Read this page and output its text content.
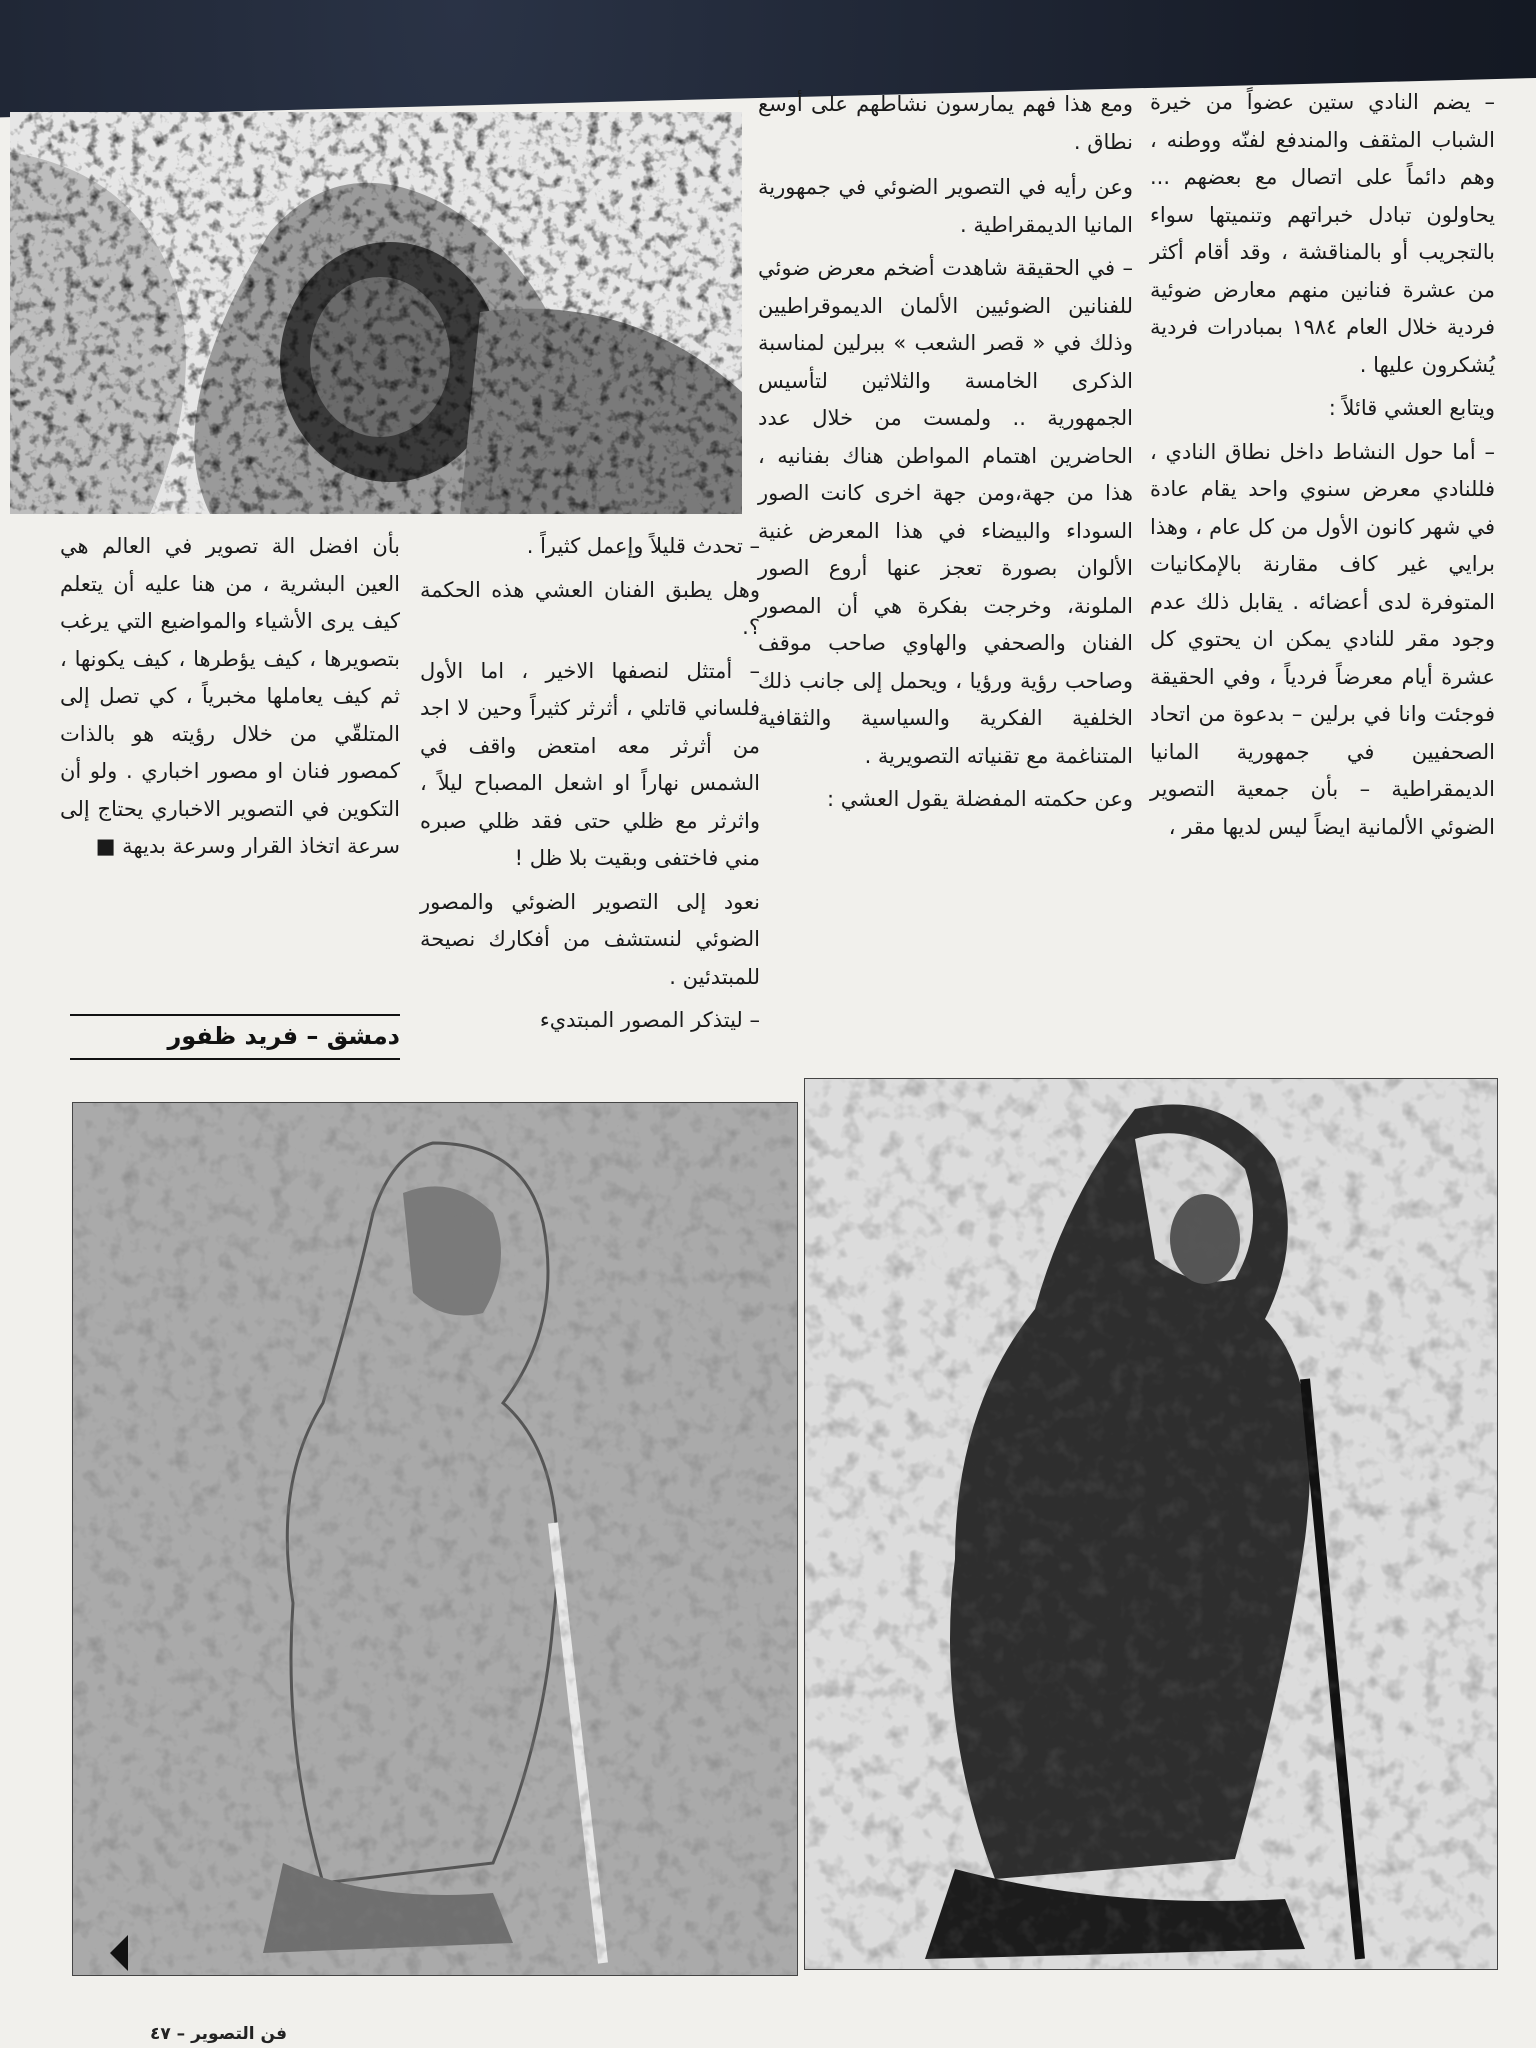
– يضم النادي ستين عضواً من خيرة الشباب المثقف والمندفع لفنّه ووطنه ، وهم دائماً على اتصال مع بعضهم ... يحاولون تبادل خبراتهم وتنميتها سواء بالتجريب أو بالمناقشة ، وقد أقام أكثر من عشرة فنانين منهم معارض ضوئية فردية خلال العام ١٩٨٤ بمبادرات فردية يُشكرون عليها .

ويتابع العشي قائلاً :

– أما حول النشاط داخل نطاق النادي ، فللنادي معرض سنوي واحد يقام عادة في شهر كانون الأول من كل عام ، وهذا برايي غير كاف مقارنة بالإمكانيات المتوفرة لدى أعضائه . يقابل ذلك عدم وجود مقر للنادي يمكن ان يحتوي كل عشرة أيام معرضاً فردياً ، وفي الحقيقة فوجئت وانا في برلين – بدعوة من اتحاد الصحفيين في جمهورية المانيا الديمقراطية – بأن جمعية التصوير الضوئي الألمانية ايضاً ليس لديها مقر ،

ومع هذا فهم يمارسون نشاطهم على أوسع نطاق .

وعن رأيه في التصوير الضوئي في جمهورية المانيا الديمقراطية .

– في الحقيقة شاهدت أضخم معرض ضوئي للفنانين الضوئيين الألمان الديموقراطيين وذلك في « قصر الشعب » ببرلين لمناسبة الذكرى الخامسة والثلاثين لتأسيس الجمهورية .. ولمست من خلال عدد الحاضرين اهتمام المواطن هناك بفنانيه ، هذا من جهة،ومن جهة اخرى كانت الصور السوداء والبيضاء في هذا المعرض غنية الألوان بصورة تعجز عنها أروع الصور الملونة، وخرجت بفكرة هي أن المصور الفنان والصحفي والهاوي صاحب موقف وصاحب رؤية ورؤيا ، ويحمل إلى جانب ذلك الخلفية الفكرية والسياسية والثقافية المتناغمة مع تقنياته التصويرية .

وعن حكمته المفضلة يقول العشي :

– تحدث قليلاً وإعمل كثيراً .

وهل يطبق الفنان العشي هذه الحكمة ؟.

– أمتثل لنصفها الاخير ، اما الأول فلساني قاتلي ، أثرثر كثيراً وحين لا اجد من أثرثر معه امتعض واقف في الشمس نهاراً او اشعل المصباح ليلاً ، واثرثر مع ظلي حتى فقد ظلي صبره مني فاختفى وبقيت بلا ظل !

نعود إلى التصوير الضوئي والمصور الضوئي لنستشف من أفكارك نصيحة للمبتدئين .

– ليتذكر المصور المبتديء

بأن افضل الة تصوير في العالم هي العين البشرية ، من هنا عليه أن يتعلم كيف يرى الأشياء والمواضيع التي يرغب بتصويرها ، كيف يؤطرها ، كيف يكونها ، ثم كيف يعاملها مخبرياً ، كي تصل إلى المتلقّي من خلال رؤيته هو بالذات كمصور فنان او مصور اخباري . ولو أن التكوين في التصوير الاخباري يحتاج إلى سرعة اتخاذ القرار وسرعة بديهة ■

دمشق – فريد ظفور
فن التصوير – ٤٧
